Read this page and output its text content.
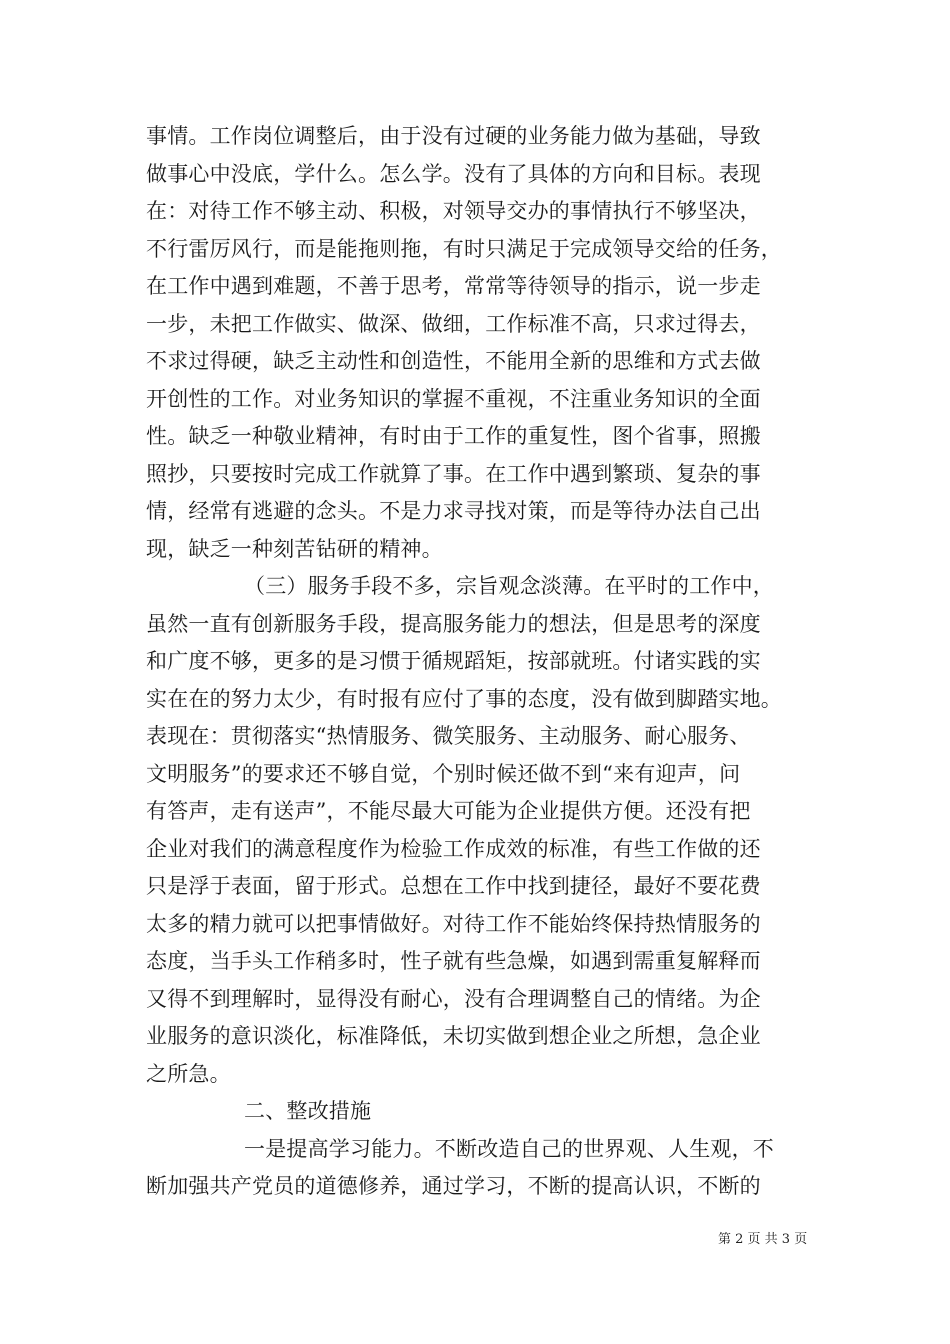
事情。工作岗位调整后，由于没有过硬的业务能力做为基础，导致
做事心中没底，学什么。怎么学。没有了具体的方向和目标。表现
在：对待工作不够主动、积极，对领导交办的事情执行不够坚决，
不行雷厉风行，而是能拖则拖，有时只满足于完成领导交给的任务，
在工作中遇到难题，不善于思考，常常等待领导的指示，说一步走
一步，未把工作做实、做深、做细，工作标准不高，只求过得去，
不求过得硬，缺乏主动性和创造性，不能用全新的思维和方式去做
开创性的工作。对业务知识的掌握不重视，不注重业务知识的全面
性。缺乏一种敬业精神，有时由于工作的重复性，图个省事，照搬
照抄，只要按时完成工作就算了事。在工作中遇到繁琐、复杂的事
情，经常有逃避的念头。不是力求寻找对策，而是等待办法自己出
现，缺乏一种刻苦钻研的精神。
（三）服务手段不多，宗旨观念淡薄。在平时的工作中，
虽然一直有创新服务手段，提高服务能力的想法，但是思考的深度
和广度不够，更多的是习惯于循规蹈矩，按部就班。付诸实践的实
实在在的努力太少，有时报有应付了事的态度，没有做到脚踏实地。
表现在：贯彻落实“热情服务、微笑服务、主动服务、耐心服务、
文明服务”的要求还不够自觉，个别时候还做不到“来有迎声，问
有答声，走有送声”，不能尽最大可能为企业提供方便。还没有把
企业对我们的满意程度作为检验工作成效的标准，有些工作做的还
只是浮于表面，留于形式。总想在工作中找到捷径，最好不要花费
太多的精力就可以把事情做好。对待工作不能始终保持热情服务的
态度，当手头工作稍多时，性子就有些急燥，如遇到需重复解释而
又得不到理解时，显得没有耐心，没有合理调整自己的情绪。为企
业服务的意识淡化，标准降低，未切实做到想企业之所想，急企业
之所急。
二、整改措施
一是提高学习能力。不断改造自己的世界观、人生观，不
断加强共产党员的道德修养，通过学习，不断的提高认识，不断的
第 2 页 共 3 页
